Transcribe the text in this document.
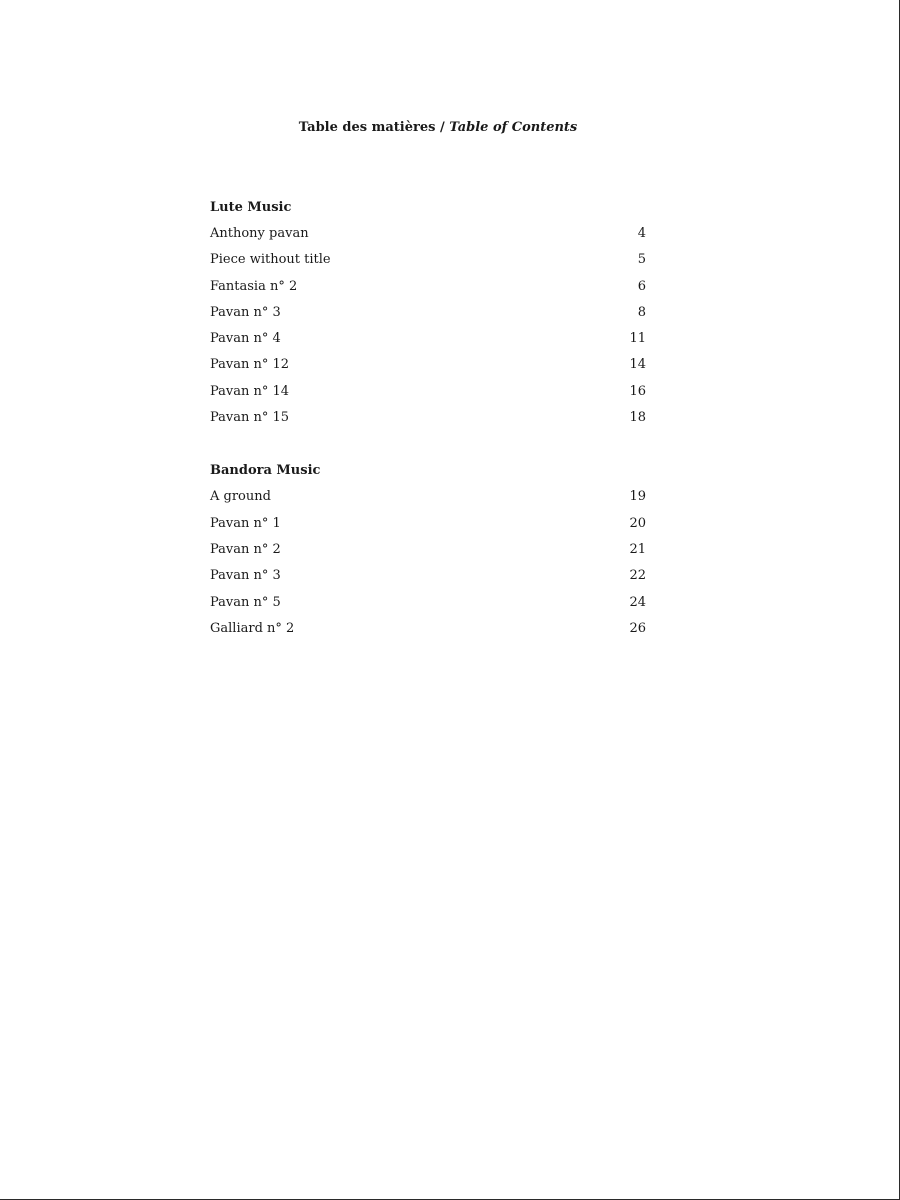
Table des matières / Table of Contents
Lute Music
Anthony pavan	4
Piece without title	5
Fantasia n° 2	6
Pavan n° 3	8
Pavan n° 4	11
Pavan n° 12	14
Pavan n° 14	16
Pavan n° 15	18
Bandora Music
A ground	19
Pavan n° 1	20
Pavan n° 2	21
Pavan n° 3	22
Pavan n° 5	24
Galliard n° 2	26
